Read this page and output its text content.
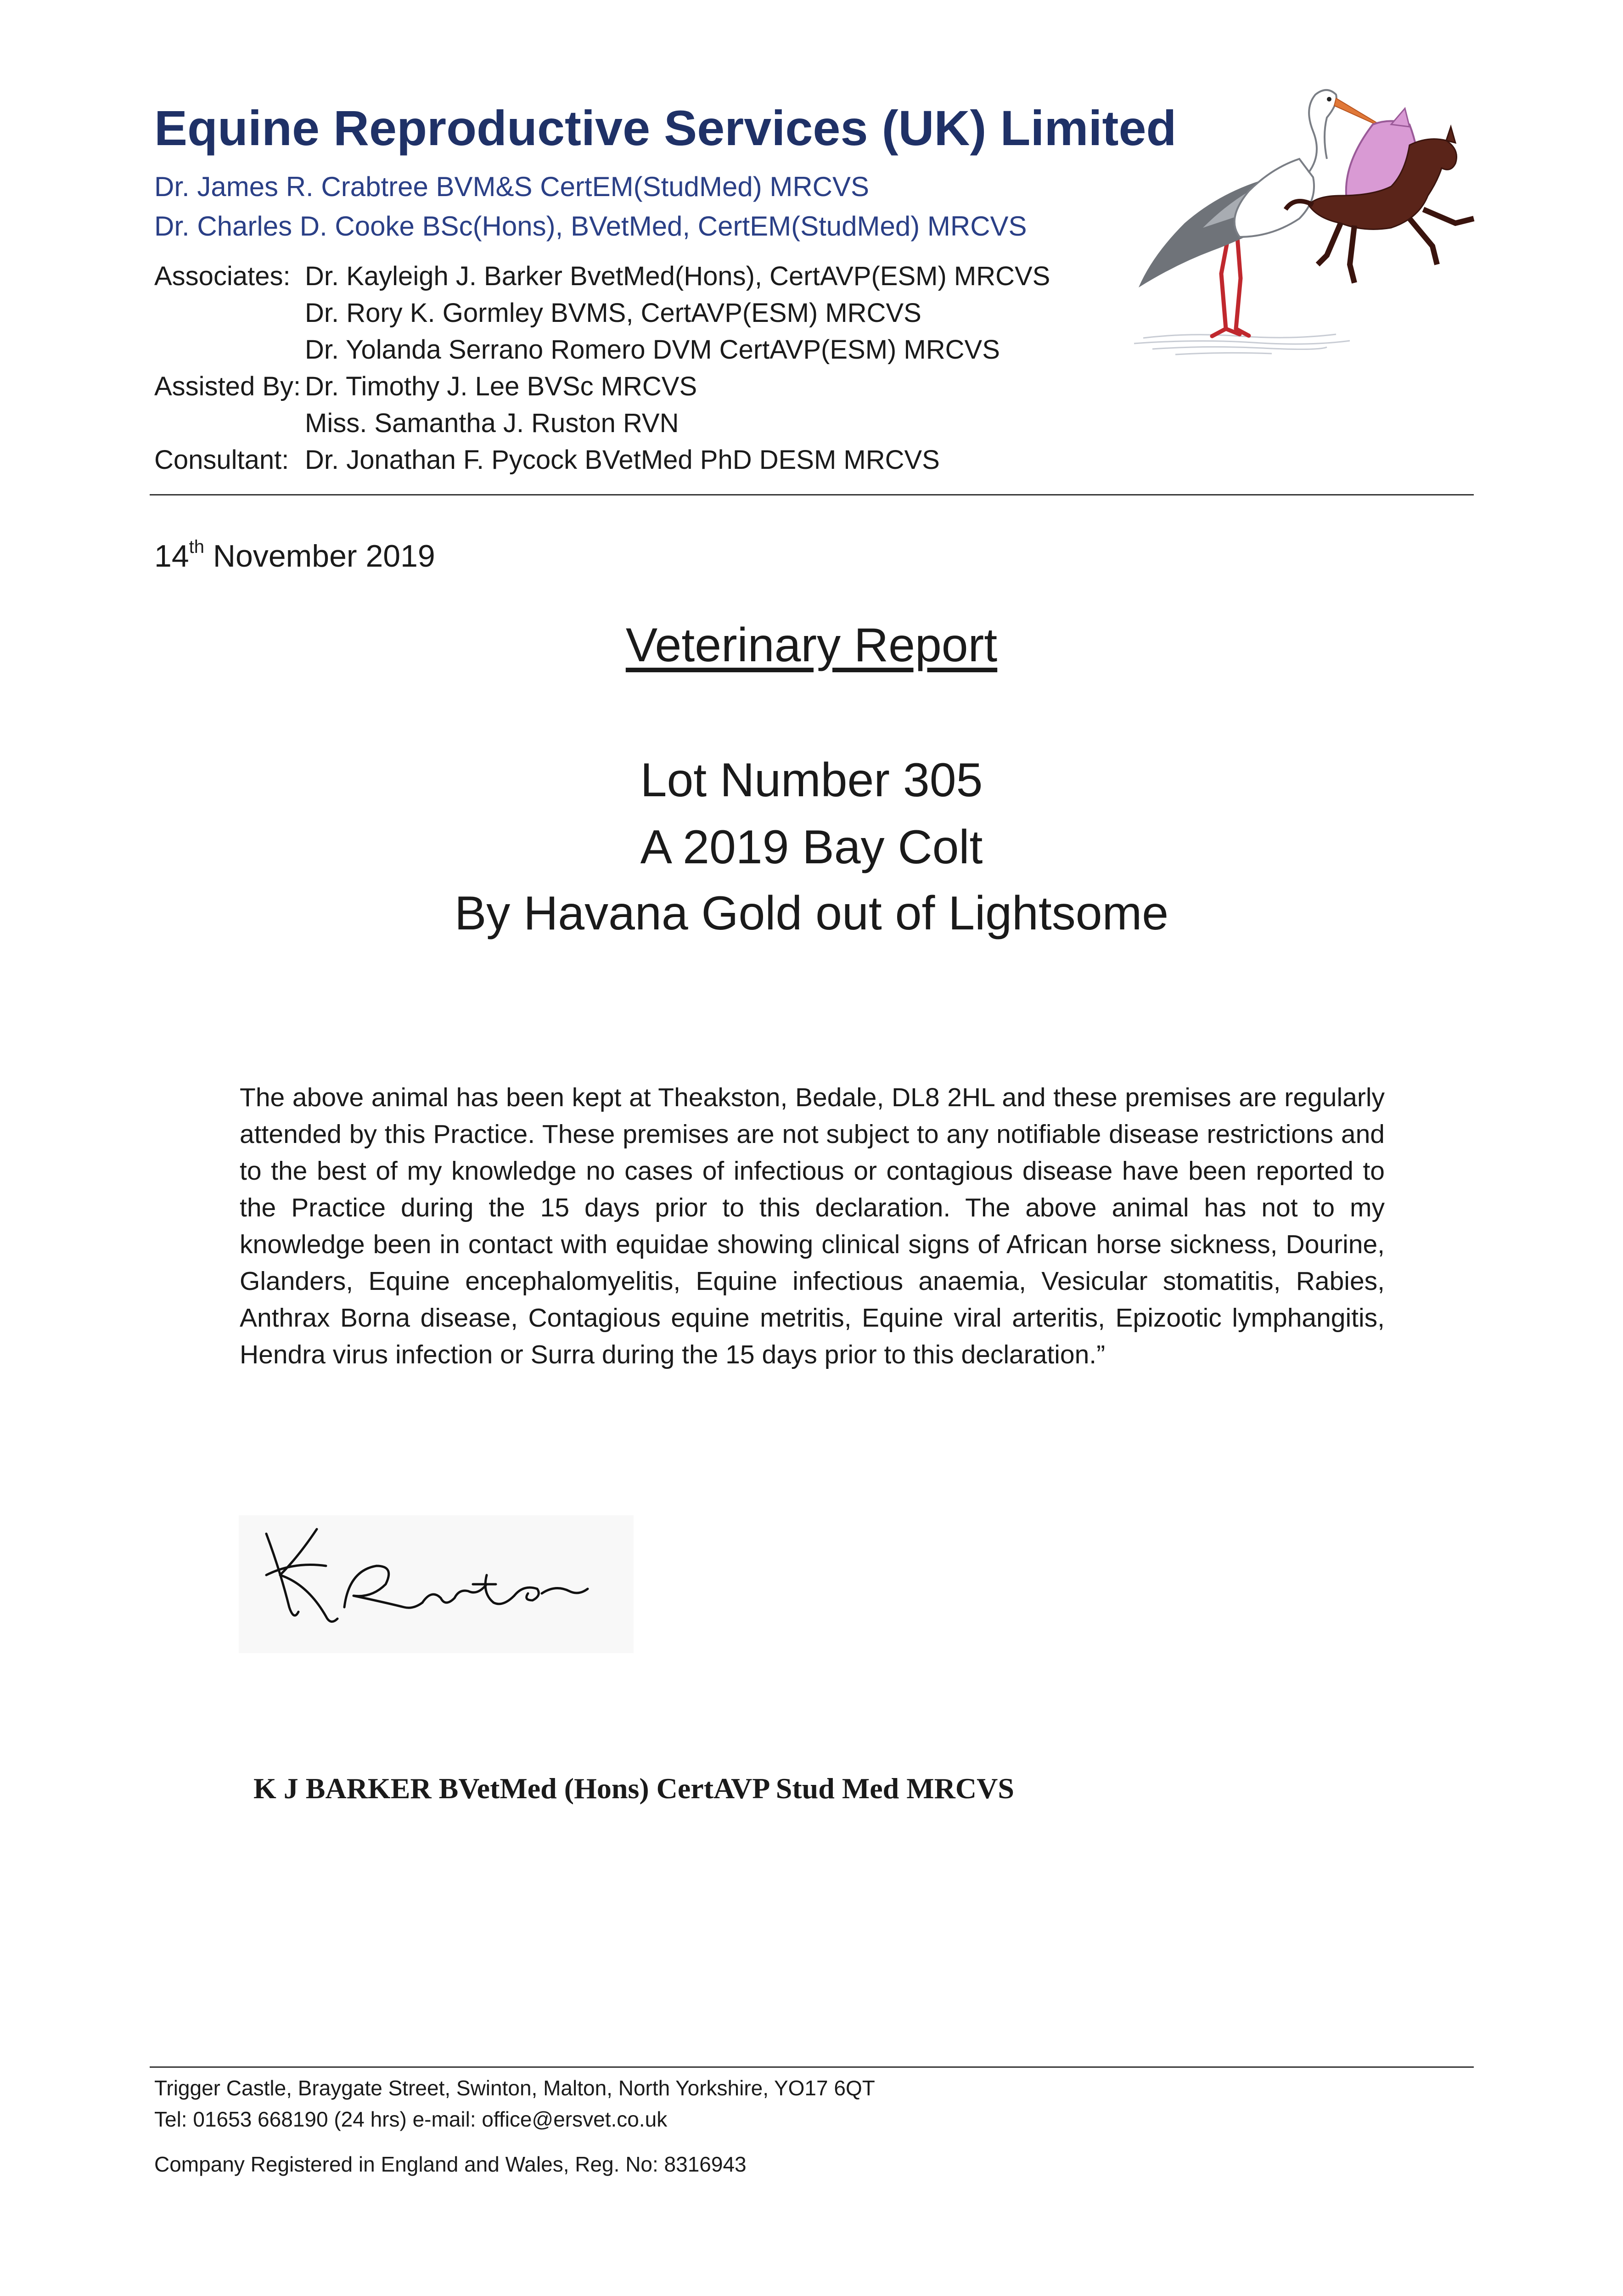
Equine Reproductive Services (UK) Limited
Dr. James R. Crabtree BVM&S CertEM(StudMed) MRCVS
Dr. Charles D. Cooke BSc(Hons), BVetMed, CertEM(StudMed) MRCVS
Associates: Dr. Kayleigh J. Barker BvetMed(Hons), CertAVP(ESM) MRCVS
Dr. Rory K. Gormley BVMS, CertAVP(ESM) MRCVS
Dr. Yolanda Serrano Romero DVM CertAVP(ESM) MRCVS
Assisted By: Dr. Timothy J. Lee BVSc MRCVS
Miss. Samantha J. Ruston RVN
Consultant: Dr. Jonathan F. Pycock BVetMed PhD DESM MRCVS
14th November 2019
Veterinary Report
Lot Number 305
A 2019 Bay Colt
By Havana Gold out of Lightsome
The above animal has been kept at Theakston, Bedale, DL8 2HL and these premises are regularly attended by this Practice. These premises are not subject to any notifiable disease restrictions and to the best of my knowledge no cases of infectious or contagious disease have been reported to the Practice during the 15 days prior to this declaration. The above animal has not to my knowledge been in contact with equidae showing clinical signs of African horse sickness, Dourine, Glanders, Equine encephalomyelitis, Equine infectious anaemia, Vesicular stomatitis, Rabies, Anthrax Borna disease, Contagious equine metritis, Equine viral arteritis, Epizootic lymphangitis, Hendra virus infection or Surra during the 15 days prior to this declaration.”
K J BARKER BVetMed (Hons) CertAVP Stud Med MRCVS
Trigger Castle, Braygate Street, Swinton, Malton, North Yorkshire, YO17 6QT
Tel: 01653 668190 (24 hrs) e-mail: office@ersvet.co.uk
Company Registered in England and Wales, Reg. No: 8316943
